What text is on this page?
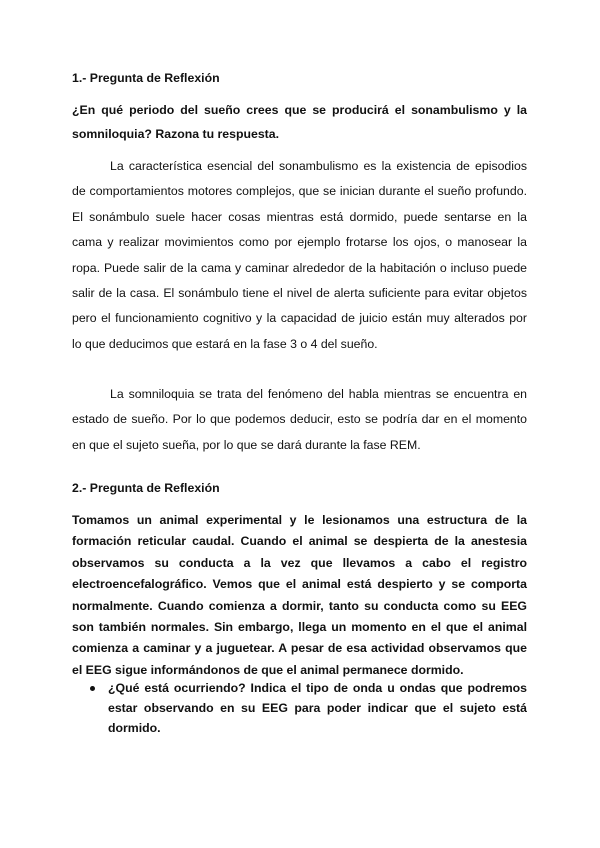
1.- Pregunta de Reflexión

¿En qué periodo del sueño crees que se producirá el sonambulismo y la somniloquia? Razona tu respuesta.

La característica esencial del sonambulismo es la existencia de episodios de comportamientos motores complejos, que se inician durante el sueño profundo. El sonámbulo suele hacer cosas mientras está dormido, puede sentarse en la cama y realizar movimientos como por ejemplo frotarse los ojos, o manosear la ropa. Puede salir de la cama y caminar alrededor de la habitación o incluso puede salir de la casa. El sonámbulo tiene el nivel de alerta suficiente para evitar objetos pero el funcionamiento cognitivo y la capacidad de juicio están muy alterados por lo que deducimos que estará en la fase 3 o 4 del sueño.

La somniloquia se trata del fenómeno del habla mientras se encuentra en estado de sueño. Por lo que podemos deducir, esto se podría dar en el momento en que el sujeto sueña, por lo que se dará durante la fase REM.

2.- Pregunta de Reflexión

Tomamos un animal experimental y le lesionamos una estructura de la formación reticular caudal. Cuando el animal se despierta de la anestesia observamos su conducta a la vez que llevamos a cabo el registro electroencefalográfico. Vemos que el animal está despierto y se comporta normalmente. Cuando comienza a dormir, tanto su conducta como su EEG son también normales. Sin embargo, llega un momento en el que el animal comienza a caminar y a juguetear. A pesar de esa actividad observamos que el EEG sigue informándonos de que el animal permanece dormido.

¿Qué está ocurriendo? Indica el tipo de onda u ondas que podremos estar observando en su EEG para poder indicar que el sujeto está dormido.
